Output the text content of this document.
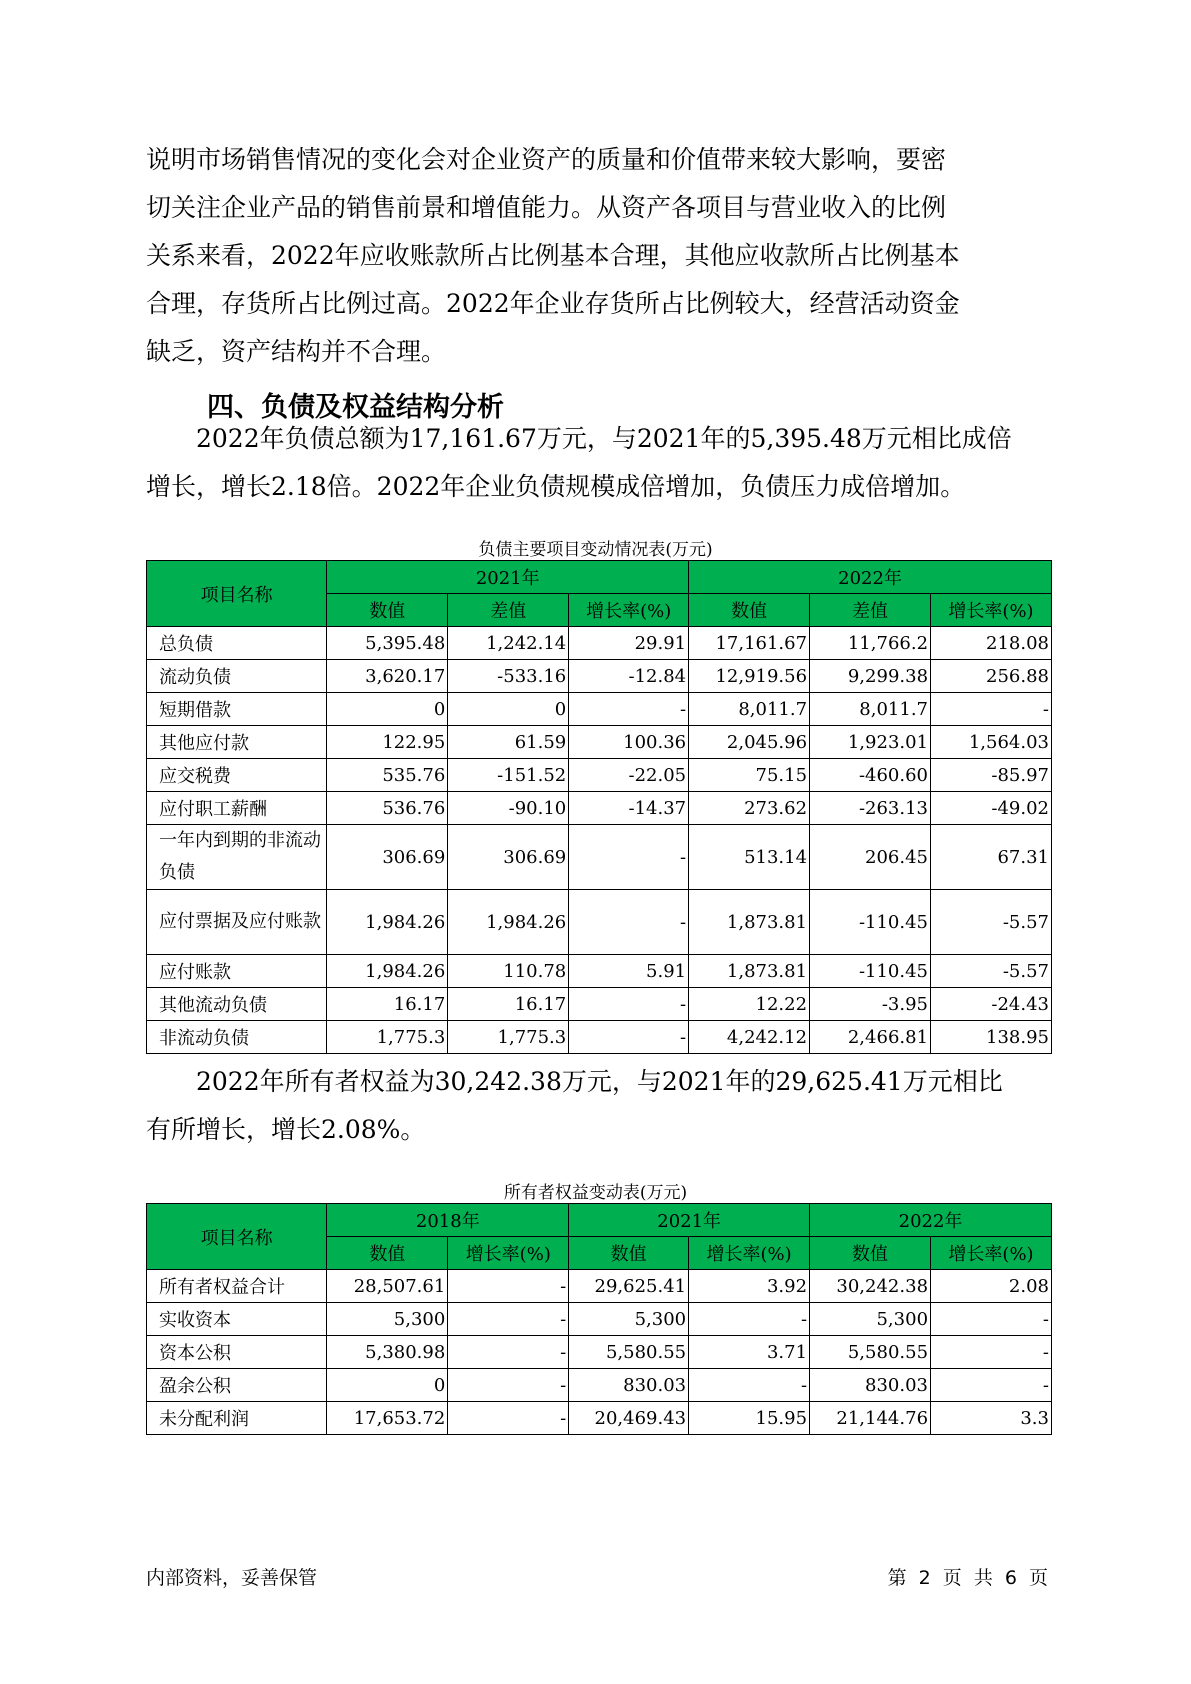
说明市场销售情况的变化会对企业资产的质量和价值带来较大影响，要密
切关注企业产品的销售前景和增值能力。从资产各项目与营业收入的比例
关系来看，2022年应收账款所占比例基本合理，其他应收款所占比例基本
合理，存货所占比例过高。2022年企业存货所占比例较大，经营活动资金
缺乏，资产结构并不合理。
四、负债及权益结构分析
　　2022年负债总额为17,161.67万元，与2021年的5,395.48万元相比成倍
增长，增长2.18倍。2022年企业负债规模成倍增加，负债压力成倍增加。
负债主要项目变动情况表(万元)
项目名称	2021年			2022年		
	数值	差值	增长率(%)	数值	差值	增长率(%)
总负债	5,395.48	1,242.14	29.91	17,161.67	11,766.2	218.08
流动负债	3,620.17	-533.16	-12.84	12,919.56	9,299.38	256.88
短期借款	0	0	-	8,011.7	8,011.7	-
其他应付款	122.95	61.59	100.36	2,045.96	1,923.01	1,564.03
应交税费	535.76	-151.52	-22.05	75.15	-460.60	-85.97
应付职工薪酬	536.76	-90.10	-14.37	273.62	-263.13	-49.02
一年内到期的非流动负债	306.69	306.69	-	513.14	206.45	67.31
应付票据及应付账款	1,984.26	1,984.26	-	1,873.81	-110.45	-5.57
应付账款	1,984.26	110.78	5.91	1,873.81	-110.45	-5.57
其他流动负债	16.17	16.17	-	12.22	-3.95	-24.43
非流动负债	1,775.3	1,775.3	-	4,242.12	2,466.81	138.95
　　2022年所有者权益为30,242.38万元，与2021年的29,625.41万元相比
有所增长，增长2.08%。
所有者权益变动表(万元)
项目名称	2018年		2021年		2022年	
	数值	增长率(%)	数值	增长率(%)	数值	增长率(%)
所有者权益合计	28,507.61	-	29,625.41	3.92	30,242.38	2.08
实收资本	5,300	-	5,300	-	5,300	-
资本公积	5,380.98	-	5,580.55	3.71	5,580.55	-
盈余公积	0	-	830.03	-	830.03	-
未分配利润	17,653.72	-	20,469.43	15.95	21,144.76	3.3
内部资料，妥善保管	第 2 页 共 6 页
